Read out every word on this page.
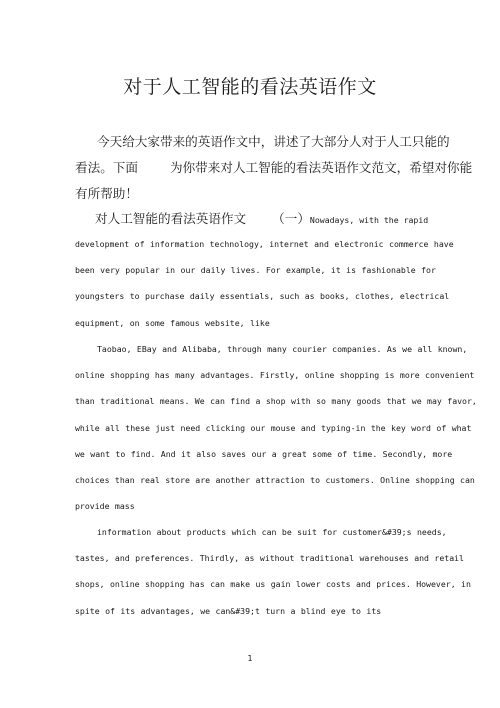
对于人工智能的看法英语作文
今天给大家带来的英语作文中，讲述了大部分人对于人工只能的
看法。下面        为你带来对人工智能的看法英语作文范文，希望对你能
有所帮助！
对人工智能的看法英语作文 （一）Nowadays, with the rapid
development of information technology, internet and electronic commerce have
been very popular in our daily lives. For example, it is fashionable for
youngsters to purchase daily essentials, such as books, clothes, electrical
equipment, on some famous website, like
Taobao, EBay and Alibaba, through many courier companies. As we all known,
online shopping has many advantages. Firstly, online shopping is more convenient
than traditional means. We can find a shop with so many goods that we may favor,
while all these just need clicking our mouse and typing-in the key word of what
we want to find. And it also saves our a great some of time. Secondly, more
choices than real store are another attraction to customers. Online shopping can
provide mass
information about products which can be suit for customer&#39;s needs,
tastes, and preferences. Thirdly, as without traditional warehouses and retail
shops, online shopping has can make us gain lower costs and prices. However, in
spite of its advantages, we can&#39;t turn a blind eye to its
1
